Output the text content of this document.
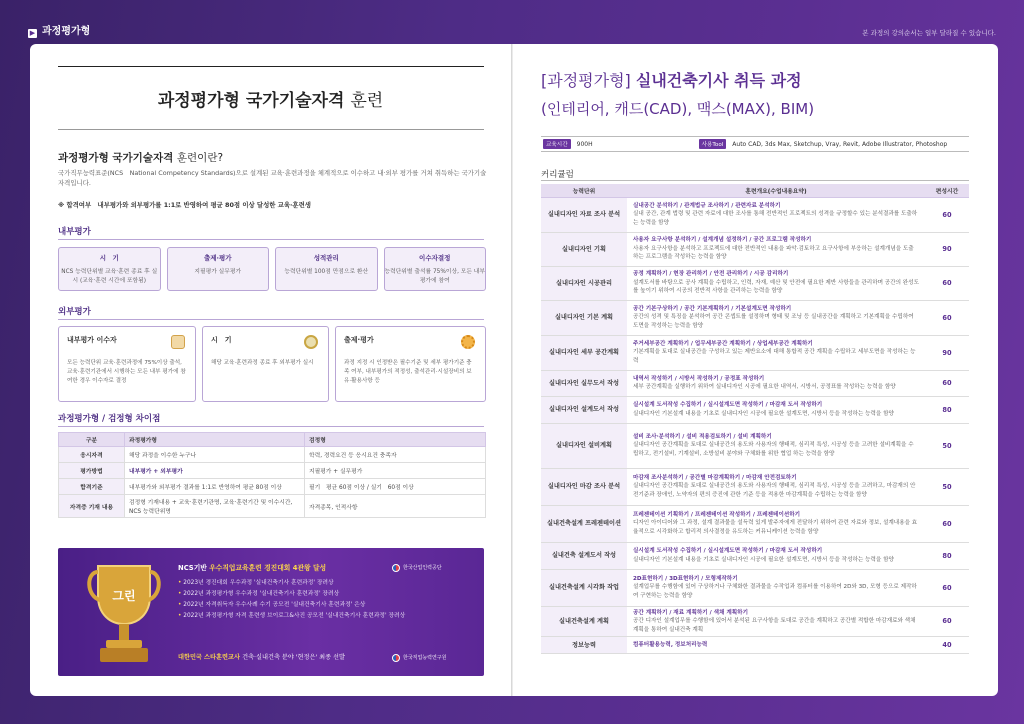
▶ 과정평가형	본 과정의 강의순서는 일부 달라질 수 있습니다.
과정평가형 국가기술자격 훈련
과정평가형 국가기술자격 훈련이란?
국가직무능력표준(NCS　National Competency Standards)으로 설계된 교육·훈련과정을 체계적으로 이수하고 내·외부 평가를 거쳐 취득하는 국가기술자격입니다.
※ 합격여부　내부평가와 외부평가를 1:1로 반영하여 평균 80점 이상 달성한 교육·훈련생
내부평가
시　기
NCS 능력단위별 교육·훈련 종료 후 실시 (교육·훈련 시간에 포함됨)
출제·평가
지필평가 실무평가
성적관리
능력단위별 100점 만점으로 환산
이수자결정
능력단위별 출석률 75%이상, 모든 내부평가에 참여
외부평가
내부평가 이수자
모든 능력단위 교육·훈련과정에 75%이상 출석, 교육·훈련기관에서 시행하는 모든 내부 평가에 참여한 경우 이수자로 결정
시　기
해당 교육·훈련과정 종료 후 외부평가 실시
출제·평가
과정 지정 시 인정받은 필수기준 및 세부 평가기준 충족 여부, 내부평가의 적정성, 출석관리·시설장비의 보유·활용사항 등
과정평가형 / 검정형 차이점
구분	과정평가형	검정형
응시자격	해당 과정을 이수한 누구나	학력, 경력요건 등 응시요건 충족자
평가방법	내부평가 + 외부평가	지필평가 + 실무평가
합격기준	내부평가와 외부평가 결과를 1:1로 반영하여 평균 80점 이상	필기　평균 60점 이상 / 실기　60점 이상
자격증 기재 내용	검정형 기재내용 + 교육·훈련기관명, 교육·훈련기간 및 이수시간, NCS 능력단위명	자격종목, 인적사항
그린
NCS기반 우수직업교육훈련 경진대회 4관왕 달성
• 2023년 경진대회 우수과정 '실내건축기사 훈련과정' 장려상
• 2022년 과정평가형 우수과정 '실내건축기사 훈련과정' 장려상
• 2022년 자격취득자 우수사례 수기 공모전 '실내건축기사 훈련과정' 은상
• 2022년 과정평가형 자격 훈련생 브이로그&사진 공모전 '실내건축기사 훈련과정' 장려상
대한민국 스타훈련교사 건축·실내건축 분야 '현정은' 최종 선발
한국산업인력공단
한국직업능력연구원
[과정평가형] 실내건축기사 취득 과정
(인테리어, 캐드(CAD), 맥스(MAX), BIM)
교육시간	900H	사용Tool	Auto CAD, 3ds Max, Sketchup, Vray, Revit, Adobe Illustrator, Photoshop
커리큘럼
능력단위	훈련개요(수업내용요약)	편성시간
실내디자인 자료 조사 분석	실내공간 분석하기 / 관계법규 조사하기 / 관련자료 분석하기
실내 공간, 관계 법령 및 관련 자료에 대한 조사를 통해 전반적인 프로젝트의 성격을 규정할수 있는 분석결과를 도출하는 능력을 함양	60
실내디자인 기획	사용자 요구사항 분석하기 / 설계개념 설정하기 / 공간 프로그램 작성하기
사용자 요구사항을 분석하고 프로젝트에 대한 전반적인 내용을 파악·검토하고 요구사항에 부응하는 설계개념을 도출하는 프로그램을 작성하는 능력을 함양	90
실내디자인 시공관리	공정 계획하기 / 현장 관리하기 / 안전 관리하기 / 시공 감리하기
설계도서를 바탕으로 공사 계획을 수립하고, 인력, 자재, 예산 및 안전에 필요한 제반 사항들을 관리하며 공간의 완성도를 높이기 위하여 시공의 전반적 사항을 관리하는 능력을 함양	60
실내디자인 기본 계획	공간 기본구상하기 / 공간 기본계획하기 / 기본설계도면 작성하기
공간의 성격 및 특징을 분석하여 공간 콘셉트를 설정하며 형태 및 조닝 등 실내공간을 계획하고 기본계획을 수립하여 도면을 작성하는 능력을 함양	60
실내디자인 세부 공간계획	주거세부공간 계획하기 / 업무세부공간 계획하기 / 상업세부공간 계획하기
기본계획을 토대로 실내공간을 구성하고 있는 제반요소에 대해 통합적 공간 계획을 수립하고 세부도면을 작성하는 능력	90
실내디자인 실무도서 작성	내역서 작성하기 / 시방서 작성하기 / 공정표 작성하기
세부 공간계획을 실행하기 위하여 실내디자인 시공에 필요한 내역서, 시방서, 공정표를 작성하는 능력을 함양	60
실내디자인 설계도서 작성	실시설계 도서작성 수집하기 / 실시설계도면 작성하기 / 마감재 도서 작성하기
실내디자인 기본설계 내용을 기초로 실내디자인 시공에 필요한 설계도면, 시방서 등을 작성하는 능력을 함양	80
실내디자인 설비계획	설비 조사·분석하기 / 설비 적용검토하기 / 설비 계획하기
실내디자인 공간계획을 토대로 실내공간의 용도와 사용자의 행태적, 심리적 특성, 시공성 등을 고려한 설비계획을 수립하고, 전기설비, 기계설비, 소방설비 분야와 구체화를 위한 협업 하는 능력을 함양	50
실내디자인 마감 조사 분석	마감재 조사분석하기 / 공간별 마감계획하기 / 마감재 안전검토하기
실내디자인 공간계획을 토대로 실내공간의 용도와 사용자의 행태적, 심리적 특성, 시공성 등을 고려하고, 마감재의 안전기준과 장애인, 노약자의 편의 증진에 관한 기준 등을 적용한 마감계획을 수립하는 능력을 함양	50
실내건축설계 프레젠테이션	프레젠테이션 기획하기 / 프레젠테이션 작성하기 / 프레젠테이션하기
디자인 아이디어와 그 과정, 설계 결과물을 설득력 있게 발주자에게 전달하기 위하여 관련 자료와 정보, 설계내용을 효율적으로 시각화하고 합리적 의사결정을 유도하는 커뮤니케이션 능력을 함양	60
실내건축 설계도서 작성	실시설계 도서작성 수집하기 / 실시설계도면 작성하기 / 마감재 도서 작성하기
실내디자인 기본설계 내용을 기초로 실내디자인 시공에 필요한 설계도면, 시방서 등을 작성하는 능력을 함양	80
실내건축설계 시각화 작업	2D표현하기 / 3D표현하기 / 모형제작하기
설계업무를 수행함에 있어 구상하거나 구체화한 결과물을 수작업과 컴퓨터를 이용하여 2D와 3D, 모형 등으로 제작하여 구현하는 능력을 함양	60
실내건축설계 계획	공간 계획하기 / 재료 계획하기 / 색채 계획하기
공간 디자인 설계업무를 수행함에 있어서 분석된 요구사항을 토대로 공간을 계획하고 공간별 적합한 마감재료와 색채 계획을 통하여 실내건축 계획	60
정보능력	컴퓨터활용능력, 정보처리능력	40
